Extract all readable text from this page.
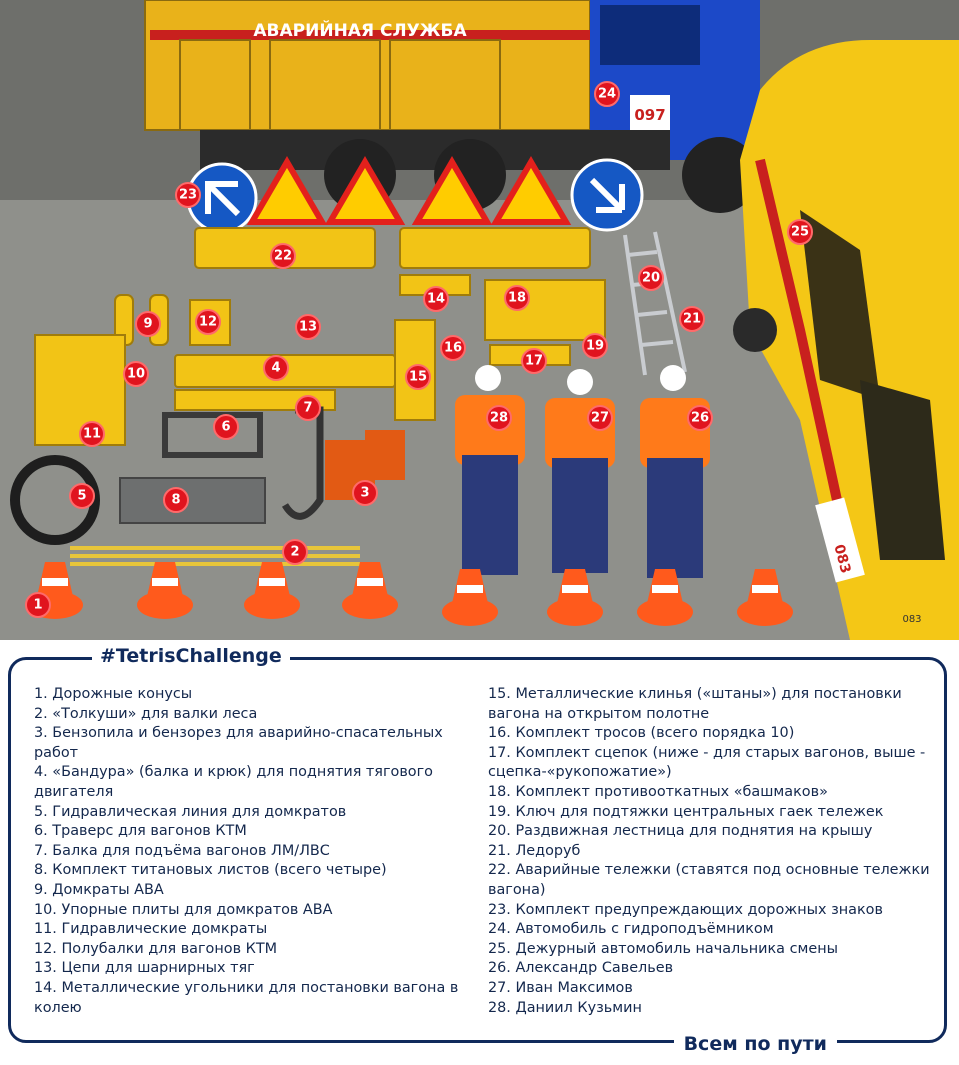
АВАРИЙНАЯ СЛУЖБА
097
083
083
1
2
3
4
5
6
7
8
9
10
11
12	13
14
15
16
17
18
19
20
21
22
23
24
25
26
27
28
#TetrisChallenge
1. Дорожные конусы
2. «Толкуши» для валки леса
3. Бензопила и бензорез для аварийно-спасательных работ
4. «Бандура» (балка и крюк) для поднятия тягового двигателя
5. Гидравлическая линия для домкратов
6. Траверс для вагонов КТМ
7. Балка для подъёма вагонов ЛМ/ЛВС
8. Комплект титановых листов (всего четыре)
9. Домкраты АВА
10. Упорные плиты для домкратов АВА
11. Гидравлические домкраты
12. Полубалки для вагонов КТМ
13. Цепи для шарнирных тяг
14. Металлические угольники для постановки вагона в колею
15. Металлические клинья («штаны») для постановки вагона на открытом полотне
16. Комплект тросов (всего порядка 10)
17. Комплект сцепок (ниже - для старых вагонов, выше - сцепка-«рукопожатие»)
18. Комплект противооткатных «башмаков»
19. Ключ для подтяжки центральных гаек тележек
20. Раздвижная лестница для поднятия на крышу
21. Ледоруб
22. Аварийные тележки (ставятся под основные тележки вагона)
23. Комплект предупреждающих дорожных знаков
24. Автомобиль с гидроподъёмником
25. Дежурный автомобиль начальника смены
26. Александр Савельев
27. Иван Максимов
28. Даниил Кузьмин
Всем по пути
